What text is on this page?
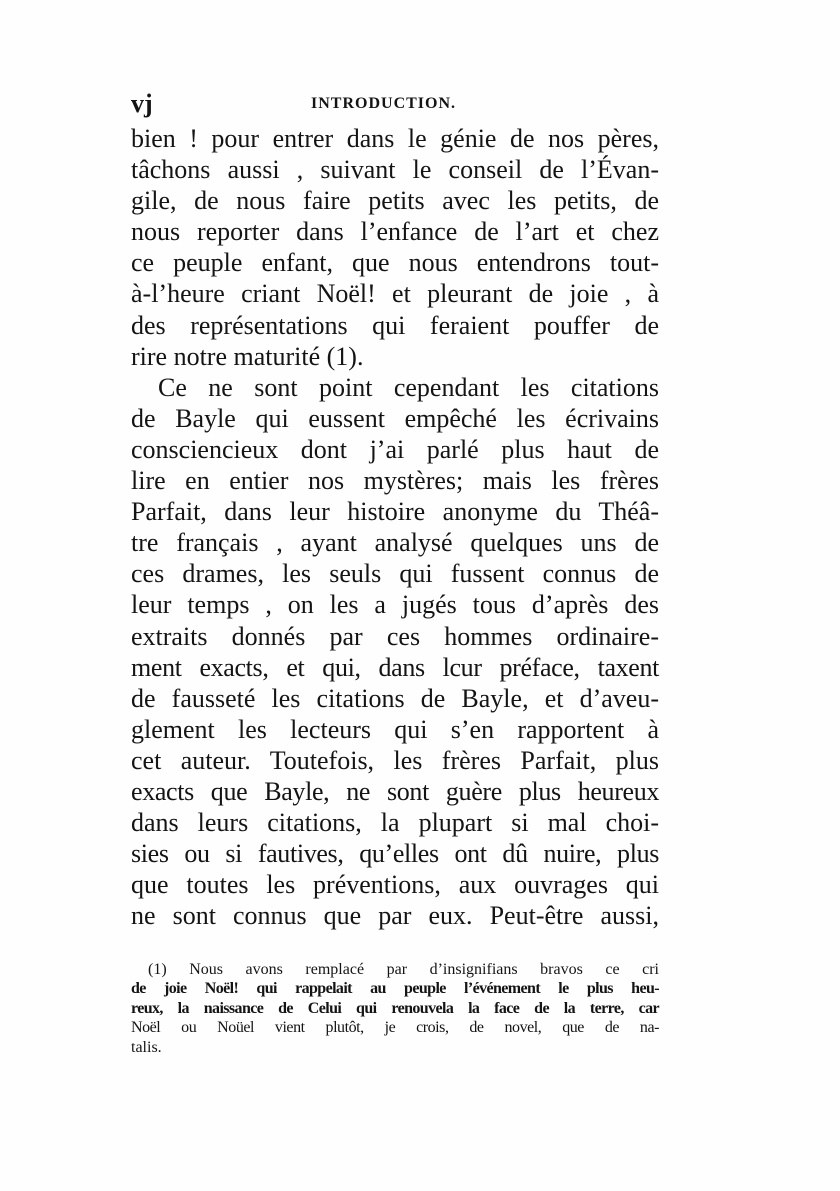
vj	INTRODUCTION.
bien ! pour entrer dans le génie de nos pères,
tâchons aussi , suivant le conseil de l’Évan-
gile, de nous faire petits avec les petits, de
nous reporter dans l’enfance de l’art et chez
ce peuple enfant, que nous entendrons tout-
à-l’heure criant Noël! et pleurant de joie , à
des représentations qui feraient pouffer de
rire notre maturité (1).
Ce ne sont point cependant les citations
de Bayle qui eussent empêché les écrivains
consciencieux dont j’ai parlé plus haut de
lire en entier nos mystères; mais les frères
Parfait, dans leur histoire anonyme du Théâ-
tre français , ayant analysé quelques uns de
ces drames, les seuls qui fussent connus de
leur temps , on les a jugés tous d’après des
extraits donnés par ces hommes ordinaire-
ment exacts, et qui, dans lcur préface, taxent
de fausseté les citations de Bayle, et d’aveu-
glement les lecteurs qui s’en rapportent à
cet auteur. Toutefois, les frères Parfait, plus
exacts que Bayle, ne sont guère plus heureux
dans leurs citations, la plupart si mal choi-
sies ou si fautives, qu’elles ont dû nuire, plus
que toutes les préventions, aux ouvrages qui
ne sont connus que par eux. Peut-être aussi,
(1) Nous avons remplacé par d’insignifians bravos ce cri
de joie Noël! qui rappelait au peuple l’événement le plus heu-
reux, la naissance de Celui qui renouvela la face de la terre, car
Noël ou Noüel vient plutôt, je crois, de novel, que de na-
talis.
